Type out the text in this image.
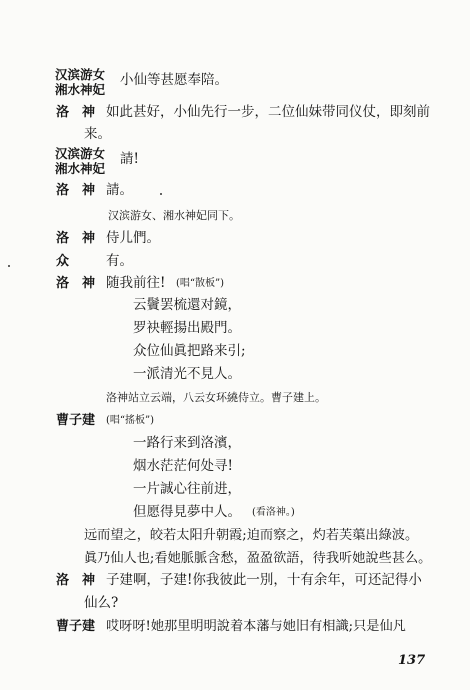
汉滨游女
湘水神妃
小仙等甚愿奉陪。
洛　神 如此甚好，小仙先行一步，二位仙妹带同仪仗，即刻前
来。
汉滨游女
湘水神妃
請!
洛　神 請。
汉滨游女、湘水神妃同下。
洛　神 侍儿們。
众	有。
洛　神 随我前往! (唱“散板”)
云鬢罢梳還对鏡，
罗袂輕揚出殿門。
众位仙眞把路来引;
一派清光不見人。
洛神站立云端，八云女环繞侍立。曹子建上。
曹子建 (唱“搖板”)
一路行来到洛濱，
烟水茫茫何处寻!
一片誠心往前进，
但愿得見夢中人。 (看洛神。)
远而望之，皎若太阳升朝霞;迫而察之，灼若芙蕖出綠波。
眞乃仙人也;看她脈脈含愁，盈盈欲語，待我听她說些甚么。
洛　神 子建啊，子建!你我彼此一別，十有余年，可还記得小
仙么?
曹子建 哎呀呀!她那里明明說着本藩与她旧有相識;只是仙凡
137
